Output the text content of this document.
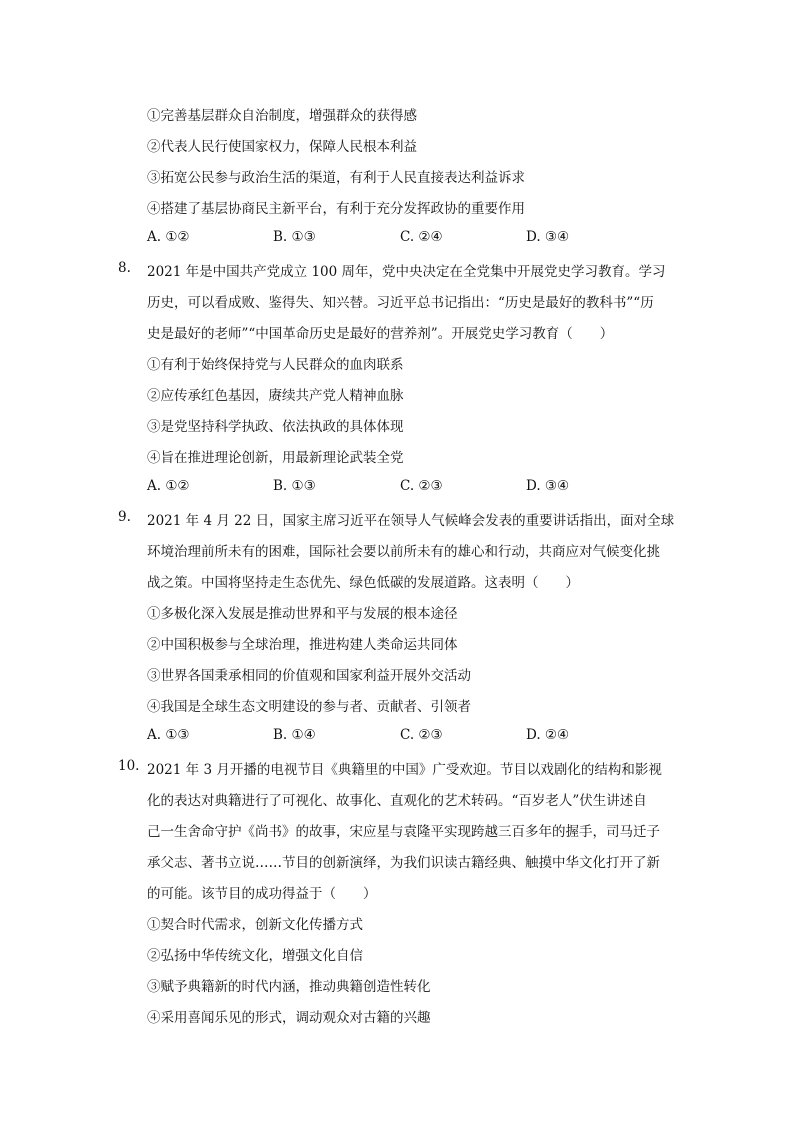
①完善基层群众自治制度，增强群众的获得感
②代表人民行使国家权力，保障人民根本利益
③拓宽公民参与政治生活的渠道，有利于人民直接表达利益诉求
④搭建了基层协商民主新平台，有利于充分发挥政协的重要作用
A. ①②	B. ①③	C. ②④	D. ③④
8. 2021 年是中国共产党成立 100 周年，党中央决定在全党集中开展党史学习教育。学习
历史，可以看成败、鉴得失、知兴替。习近平总书记指出：“历史是最好的教科书”“历
史是最好的老师”“中国革命历史是最好的营养剂”。开展党史学习教育（　　）
①有利于始终保持党与人民群众的血肉联系
②应传承红色基因，赓续共产党人精神血脉
③是党坚持科学执政、依法执政的具体体现
④旨在推进理论创新，用最新理论武装全党
A. ①②	B. ①③	C. ②③	D. ③④
9. 2021 年 4 月 22 日，国家主席习近平在领导人气候峰会发表的重要讲话指出，面对全球
环境治理前所未有的困难，国际社会要以前所未有的雄心和行动，共商应对气候变化挑
战之策。中国将坚持走生态优先、绿色低碳的发展道路。这表明（　　）
①多极化深入发展是推动世界和平与发展的根本途径
②中国积极参与全球治理，推进构建人类命运共同体
③世界各国秉承相同的价值观和国家利益开展外交活动
④我国是全球生态文明建设的参与者、贡献者、引领者
A. ①③	B. ①④	C. ②③	D. ②④
10. 2021 年 3 月开播的电视节目《典籍里的中国》广受欢迎。节目以戏剧化的结构和影视
化的表达对典籍进行了可视化、故事化、直观化的艺术转码。“百岁老人”伏生讲述自
己一生舍命守护《尚书》的故事，宋应星与袁隆平实现跨越三百多年的握手，司马迁子
承父志、著书立说……节目的创新演绎，为我们识读古籍经典、触摸中华文化打开了新
的可能。该节目的成功得益于（　　）
①契合时代需求，创新文化传播方式
②弘扬中华传统文化，增强文化自信
③赋予典籍新的时代内涵，推动典籍创造性转化
④采用喜闻乐见的形式，调动观众对古籍的兴趣
